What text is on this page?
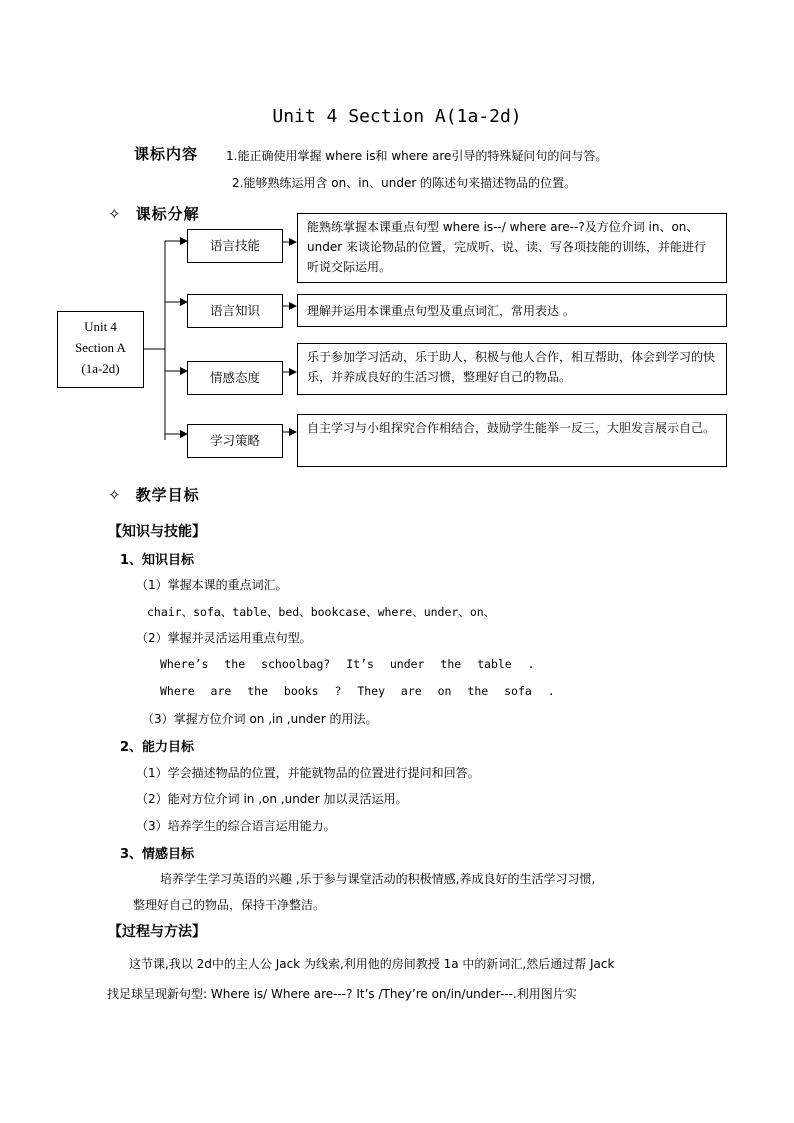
Unit 4 Section A(1a-2d)
课标内容 1.能正确使用掌握 where is和 where are引导的特殊疑问句的问与答。
2.能够熟练运用含 on、in、under 的陈述句来描述物品的位置。
✧ 课标分解
Unit 4
Section A
(1a-2d)
语言技能
语言知识
情感态度
学习策略
能熟练掌握本课重点句型 where is--/ where are--?及方位介词 in、on、under 来谈论物品的位置，完成听、说、读、写各项技能的训练，并能进行听说交际运用。
理解并运用本课重点句型及重点词汇，常用表达 。
乐于参加学习活动，乐于助人，积极与他人合作，相互帮助，体会到学习的快乐，并养成良好的生活习惯，整理好自己的物品。
自主学习与小组探究合作相结合，鼓励学生能举一反三，大胆发言展示自己。
✧ 教学目标
【知识与技能】
1、知识目标
（1）掌握本课的重点词汇。
chair、sofa、table、bed、bookcase、where、under、on、
（2）掌握并灵活运用重点句型。
Where’s the schoolbag? It’s under the table .
Where are the books ? They are on the sofa .
（3）掌握方位介词 on ,in ,under 的用法。
2、能力目标
（1）学会描述物品的位置，并能就物品的位置进行提问和回答。
（2）能对方位介词 in ,on ,under 加以灵活运用。
（3）培养学生的综合语言运用能力。
3、情感目标
培养学生学习英语的兴趣 ,乐于参与课堂活动的积极情感,养成良好的生活学习习惯,
整理好自己的物品，保持干净整洁。
【过程与方法】
这节课,我以 2d中的主人公 Jack 为线索,利用他的房间教授 1a 中的新词汇,然后通过帮 Jack
找足球呈现新句型: Where is/ Where are---? It’s /They’re on/in/under---.利用图片实
